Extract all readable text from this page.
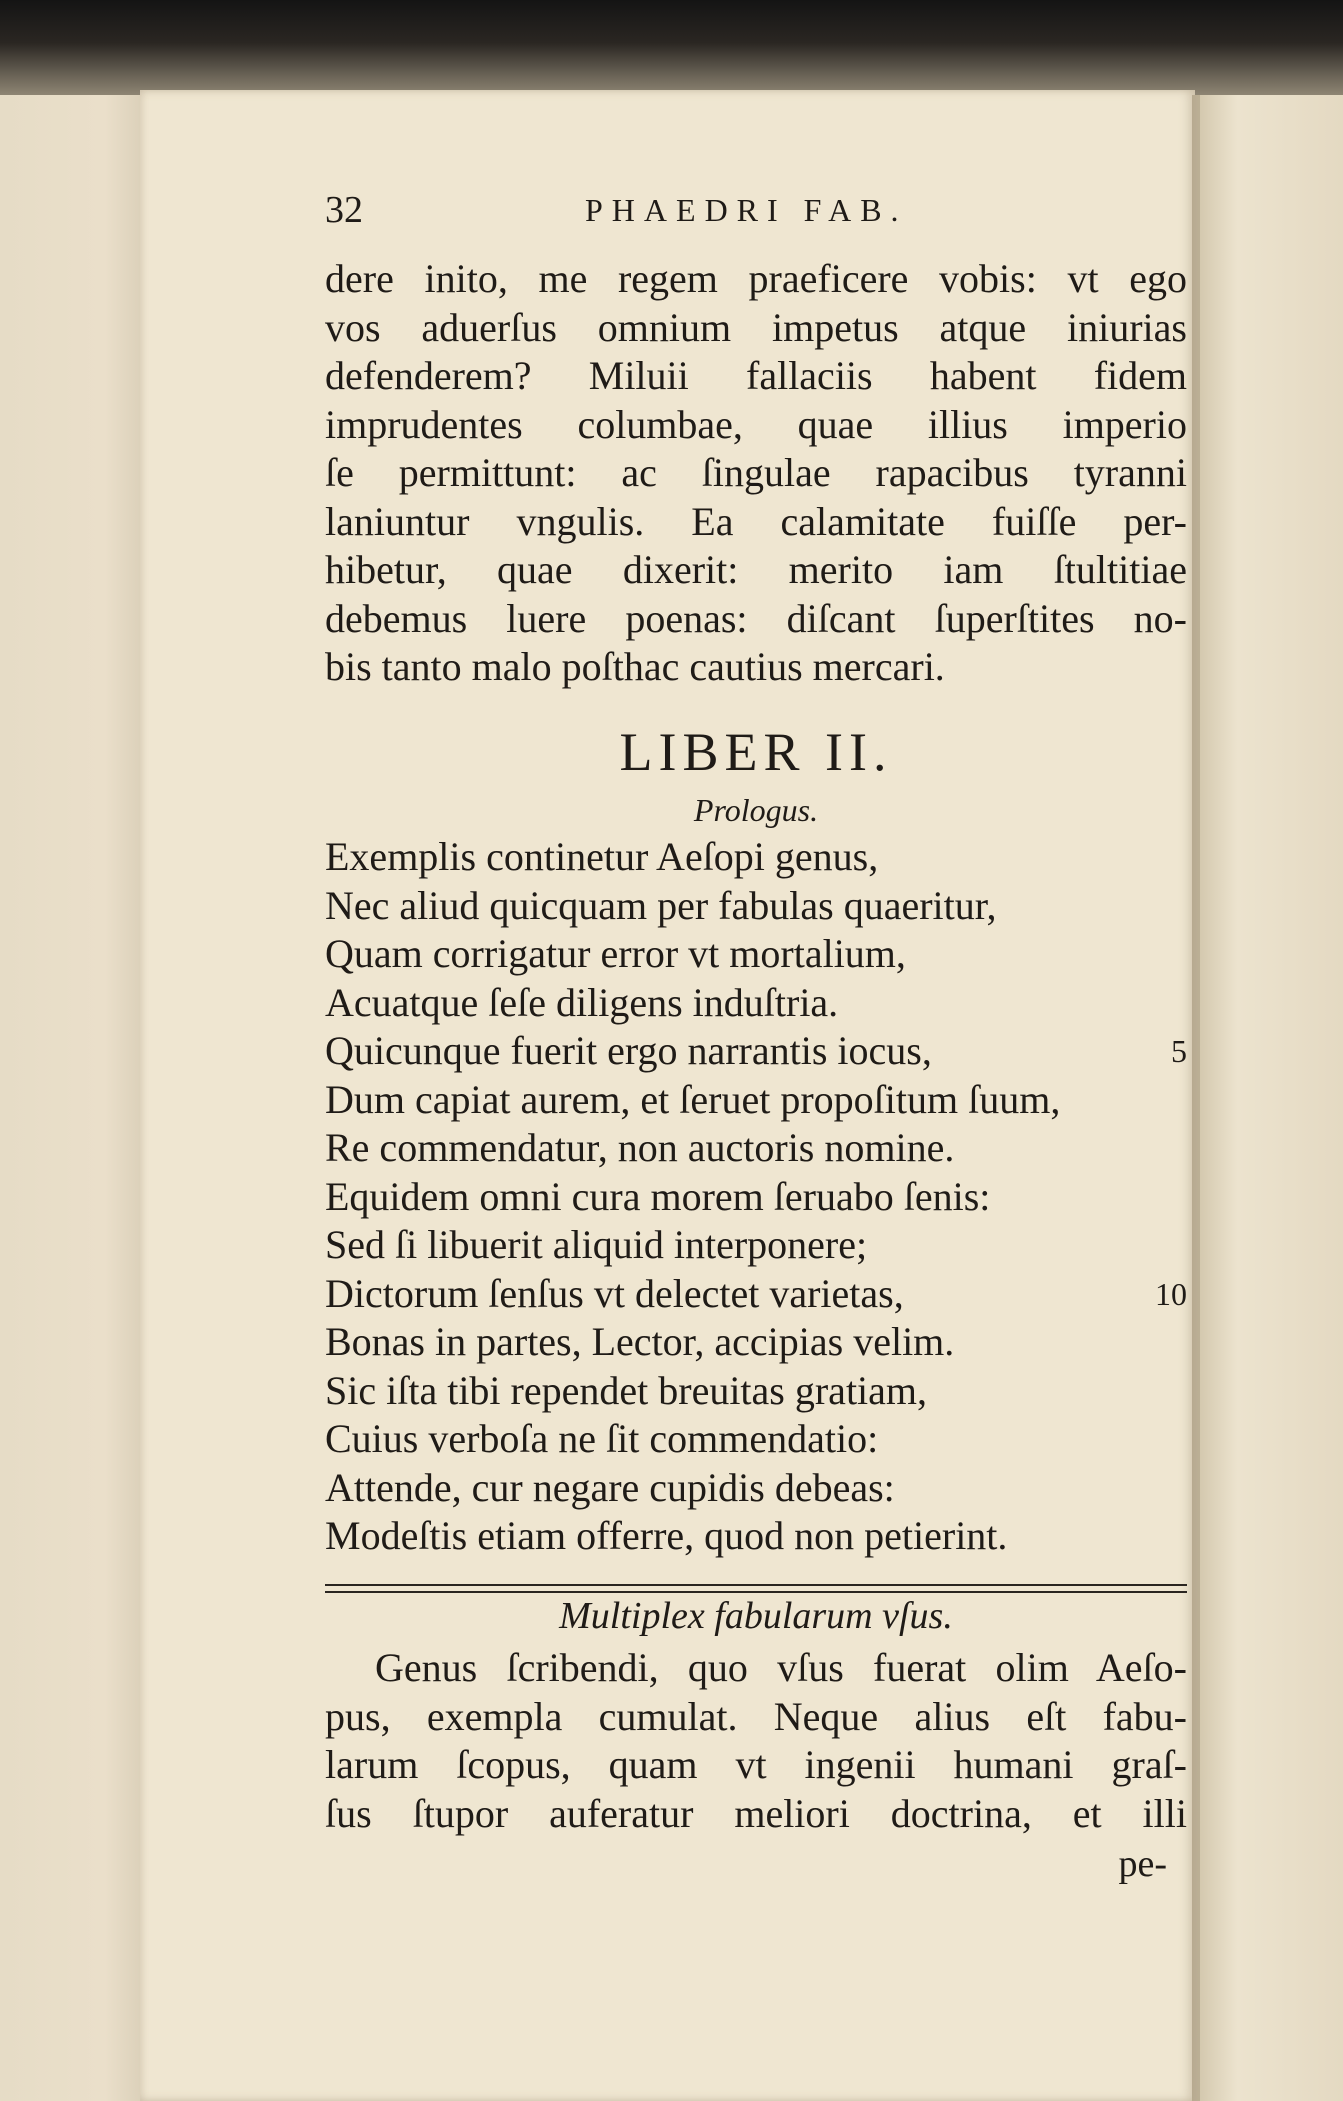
32	PHAEDRI FAB.
dere inito, me regem praeficere vobis: vt ego
vos aduerſus omnium impetus atque iniurias
defenderem? Miluii fallaciis habent fidem
imprudentes columbae, quae illius imperio
ſe permittunt: ac ſingulae rapacibus tyranni
laniuntur vngulis. Ea calamitate fuiſſe per-
hibetur, quae dixerit: merito iam ſtultitiae
debemus luere poenas: diſcant ſuperſtites no-
bis tanto malo poſthac cautius mercari.
LIBER II.
Prologus.
Exemplis continetur Aeſopi genus,
Nec aliud quicquam per fabulas quaeritur,
Quam corrigatur error vt mortalium,
Acuatque ſeſe diligens induſtria.
Quicunque fuerit ergo narrantis iocus,	5
Dum capiat aurem, et ſeruet propoſitum ſuum,
Re commendatur, non auctoris nomine.
Equidem omni cura morem ſeruabo ſenis:
Sed ſi libuerit aliquid interponere;
Dictorum ſenſus vt delectet varietas,	10
Bonas in partes, Lector, accipias velim.
Sic iſta tibi rependet breuitas gratiam,
Cuius verboſa ne ſit commendatio:
Attende, cur negare cupidis debeas:
Modeſtis etiam offerre, quod non petierint.
Multiplex fabularum vſus.
Genus ſcribendi, quo vſus fuerat olim Aeſo-
pus, exempla cumulat. Neque alius eſt fabu-
larum ſcopus, quam vt ingenii humani graſ-
ſus ſtupor auferatur meliori doctrina, et illi
pe-
